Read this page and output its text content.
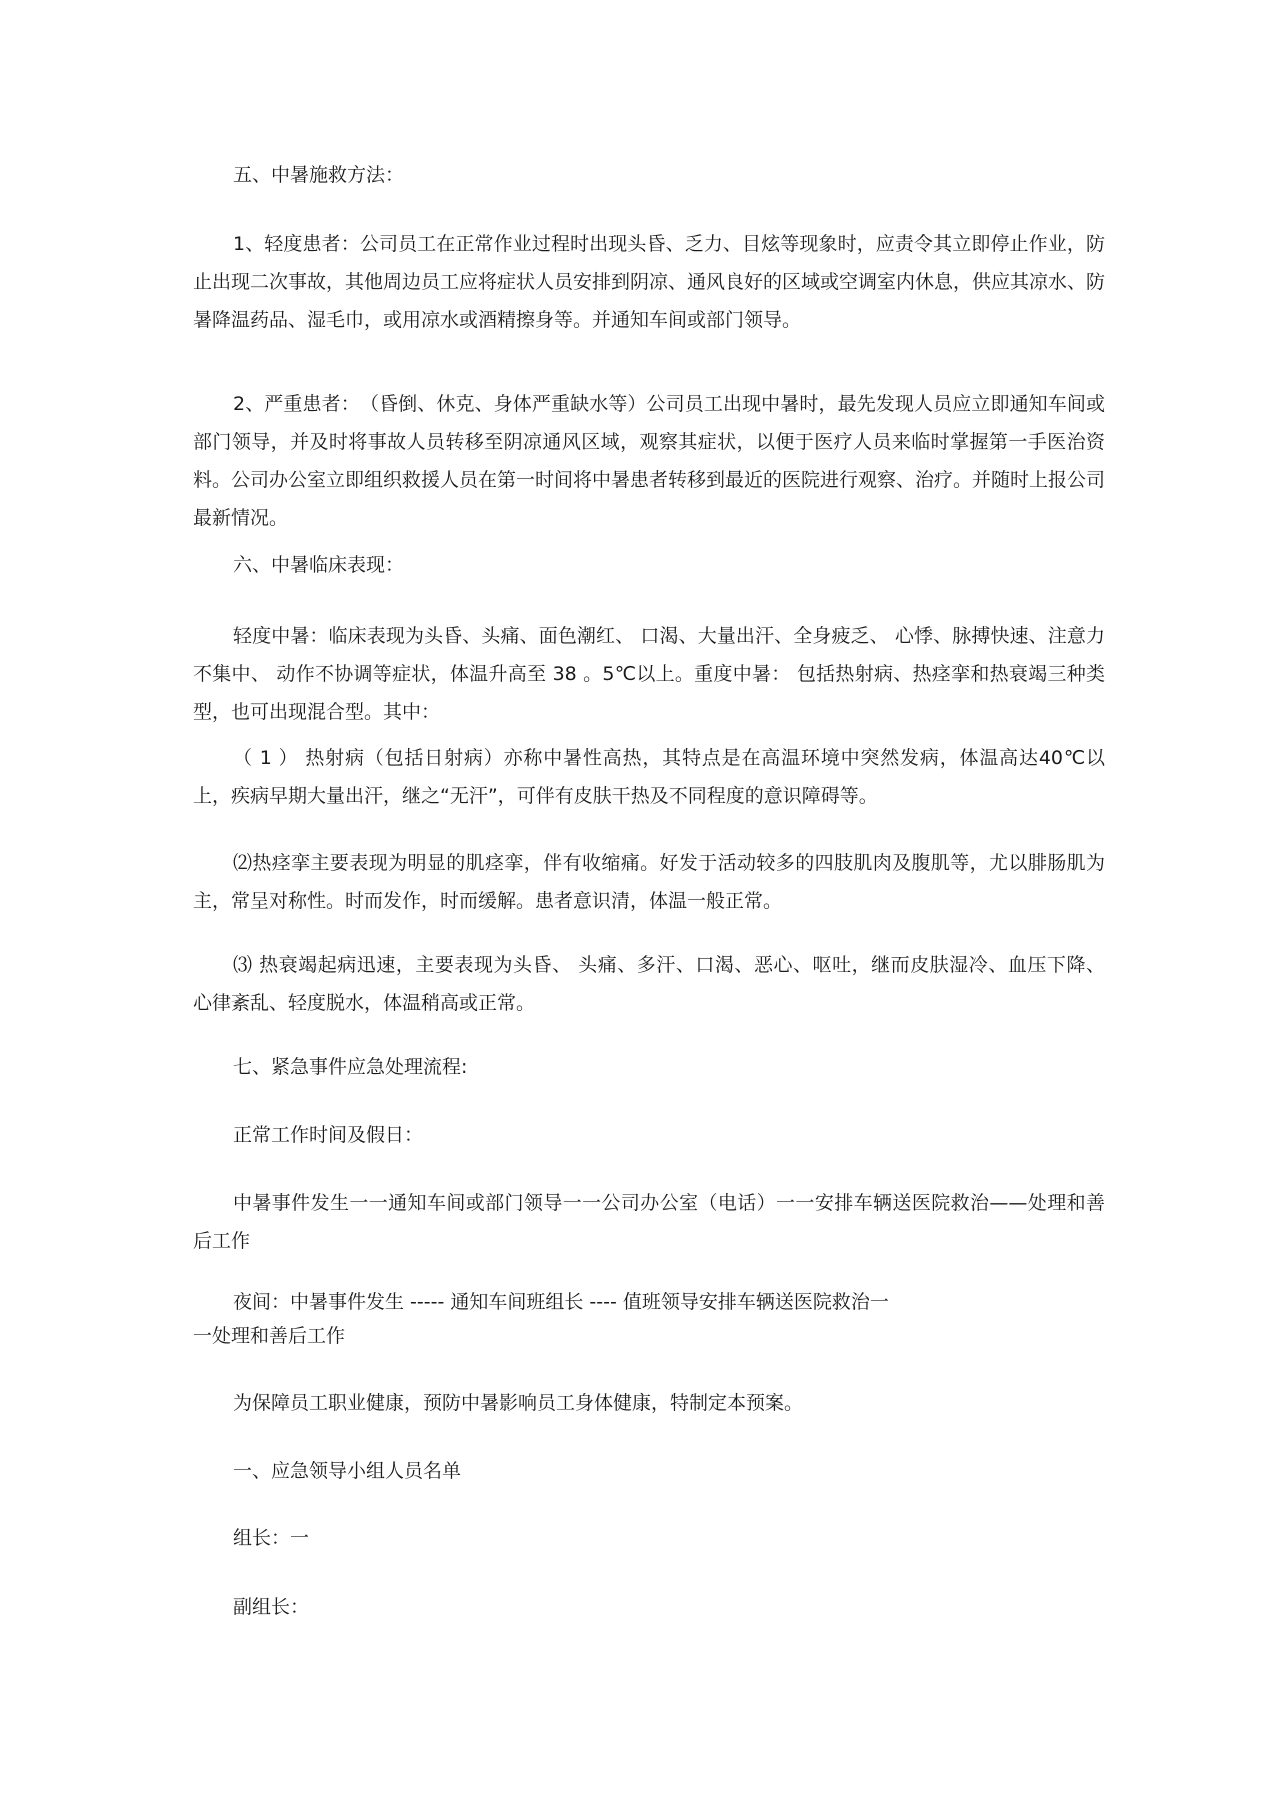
五、中暑施救方法：

1、轻度患者：公司员工在正常作业过程时出现头昏、乏力、目炫等现象时，应责令其立即停止作业，防止出现二次事故，其他周边员工应将症状人员安排到阴凉、通风良好的区域或空调室内休息，供应其凉水、防暑降温药品、湿毛巾，或用凉水或酒精擦身等。并通知车间或部门领导。

2、严重患者：　（昏倒、休克、身体严重缺水等）公司员工出现中暑时，最先发现人员应立即通知车间或部门领导，并及时将事故人员转移至阴凉通风区域，观察其症状，以便于医疗人员来临时掌握第一手医治资料。公司办公室立即组织救援人员在第一时间将中暑患者转移到最近的医院进行观察、治疗。并随时上报公司最新情况。

六、中暑临床表现：

轻度中暑：临床表现为头昏、头痛、面色潮红、 口渴、大量出汗、全身疲乏、 心悸、脉搏快速、注意力不集中、 动作不协调等症状，体温升高至 38 。5℃以上。重度中暑： 包括热射病、热痉挛和热衰竭三种类型，也可出现混合型。其中：

（ 1 ） 热射病（包括日射病）亦称中暑性高热，其特点是在高温环境中突然发病，体温高达40℃以上，疾病早期大量出汗，继之“无汗”，可伴有皮肤干热及不同程度的意识障碍等。

⑵热痉挛主要表现为明显的肌痉挛，伴有收缩痛。好发于活动较多的四肢肌肉及腹肌等，尤以腓肠肌为主，常呈对称性。时而发作，时而缓解。患者意识清，体温一般正常。

⑶ 热衰竭起病迅速，主要表现为头昏、 头痛、多汗、口渴、恶心、呕吐，继而皮肤湿冷、血压下降、 心律紊乱、轻度脱水，体温稍高或正常。

七、紧急事件应急处理流程:

正常工作时间及假日：

中暑事件发生一一通知车间或部门领导一一公司办公室（电话）一一安排车辆送医院救治——处理和善后工作

夜间：中暑事件发生 ----- 通知车间班组长 ---- 值班领导安排车辆送医院救治一

一处理和善后工作

为保障员工职业健康，预防中暑影响员工身体健康，特制定本预案。

一、应急领导小组人员名单

组长：一

副组长：
